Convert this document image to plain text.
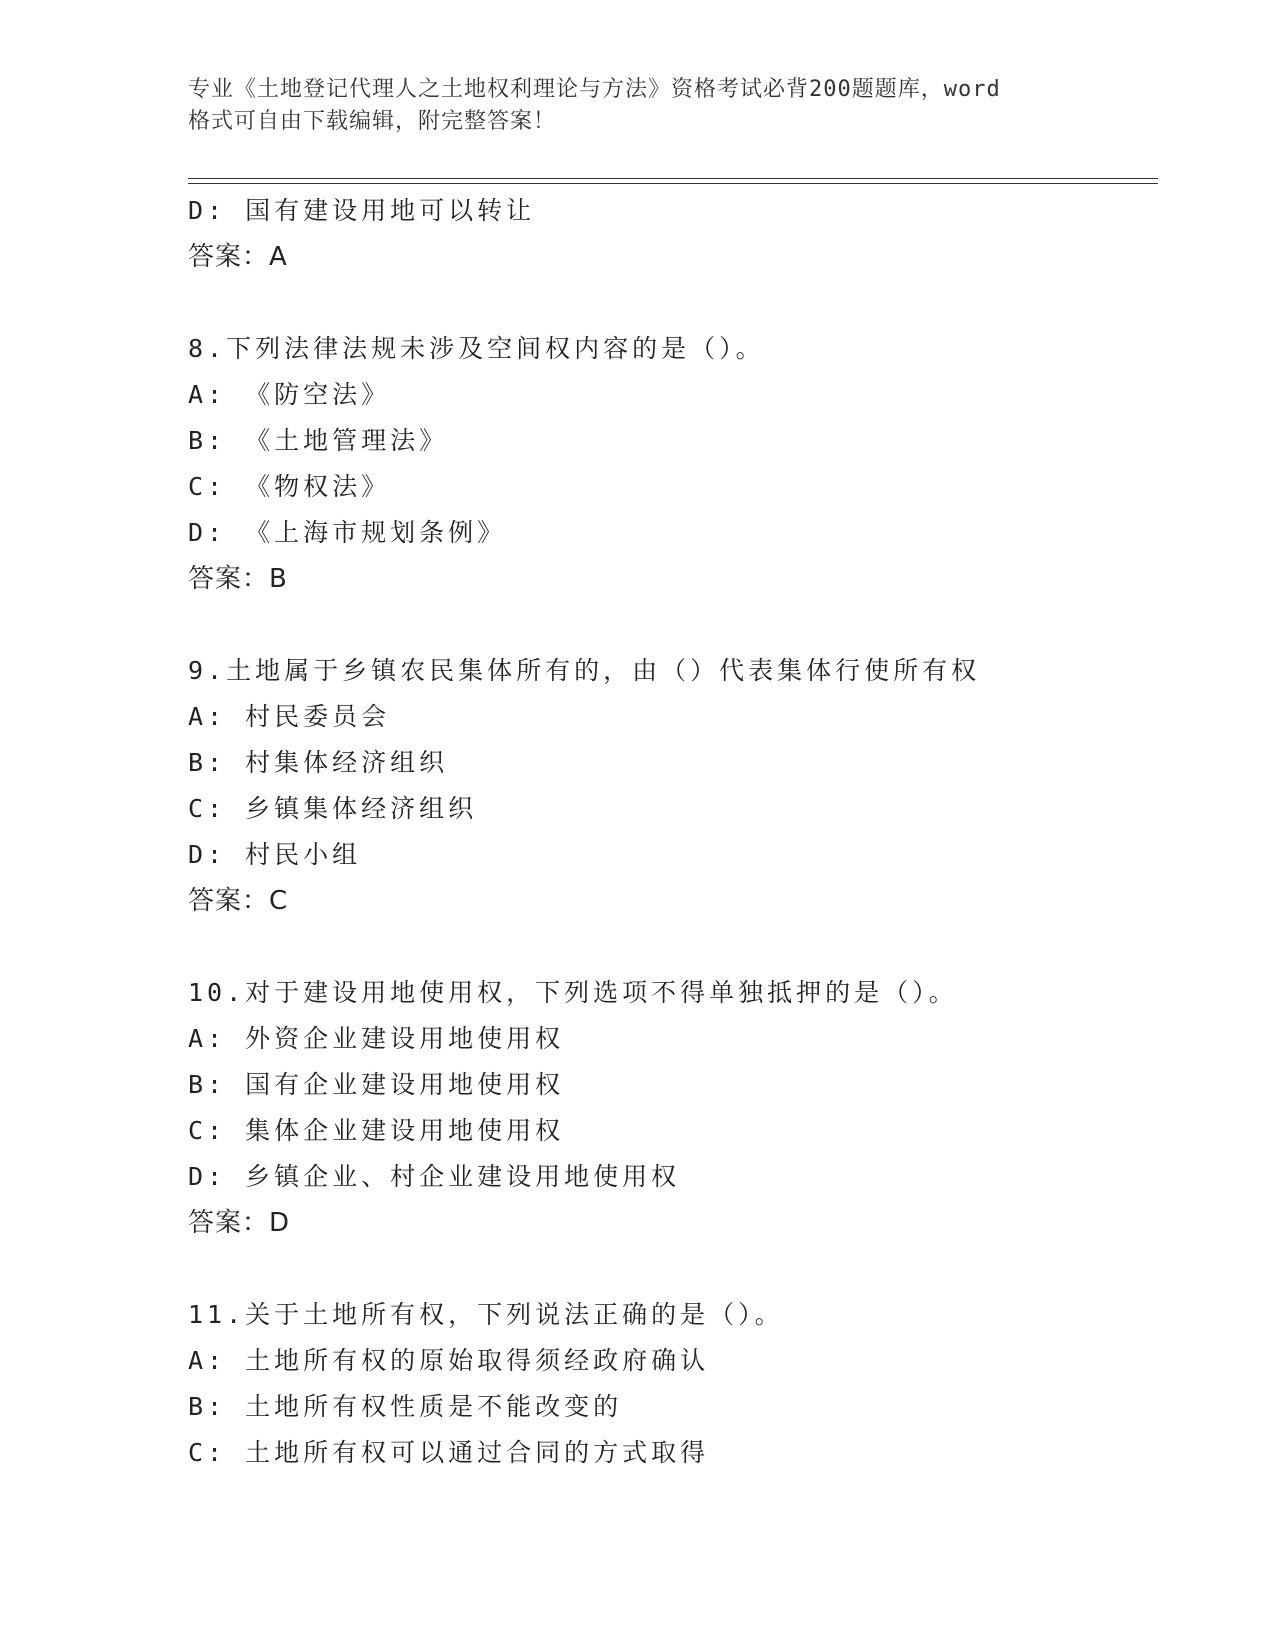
专业《土地登记代理人之土地权利理论与方法》资格考试必背200题题库，word
格式可自由下载编辑，附完整答案！
D: 国有建设用地可以转让
答案：A
8.下列法律法规未涉及空间权内容的是（）。
A: 《防空法》
B: 《土地管理法》
C: 《物权法》
D: 《上海市规划条例》
答案：B
9.土地属于乡镇农民集体所有的，由（）代表集体行使所有权
A: 村民委员会
B: 村集体经济组织
C: 乡镇集体经济组织
D: 村民小组
答案：C
10.对于建设用地使用权，下列选项不得单独抵押的是（）。
A: 外资企业建设用地使用权
B: 国有企业建设用地使用权
C: 集体企业建设用地使用权
D: 乡镇企业、村企业建设用地使用权
答案：D
11.关于土地所有权，下列说法正确的是（）。
A: 土地所有权的原始取得须经政府确认
B: 土地所有权性质是不能改变的
C: 土地所有权可以通过合同的方式取得
